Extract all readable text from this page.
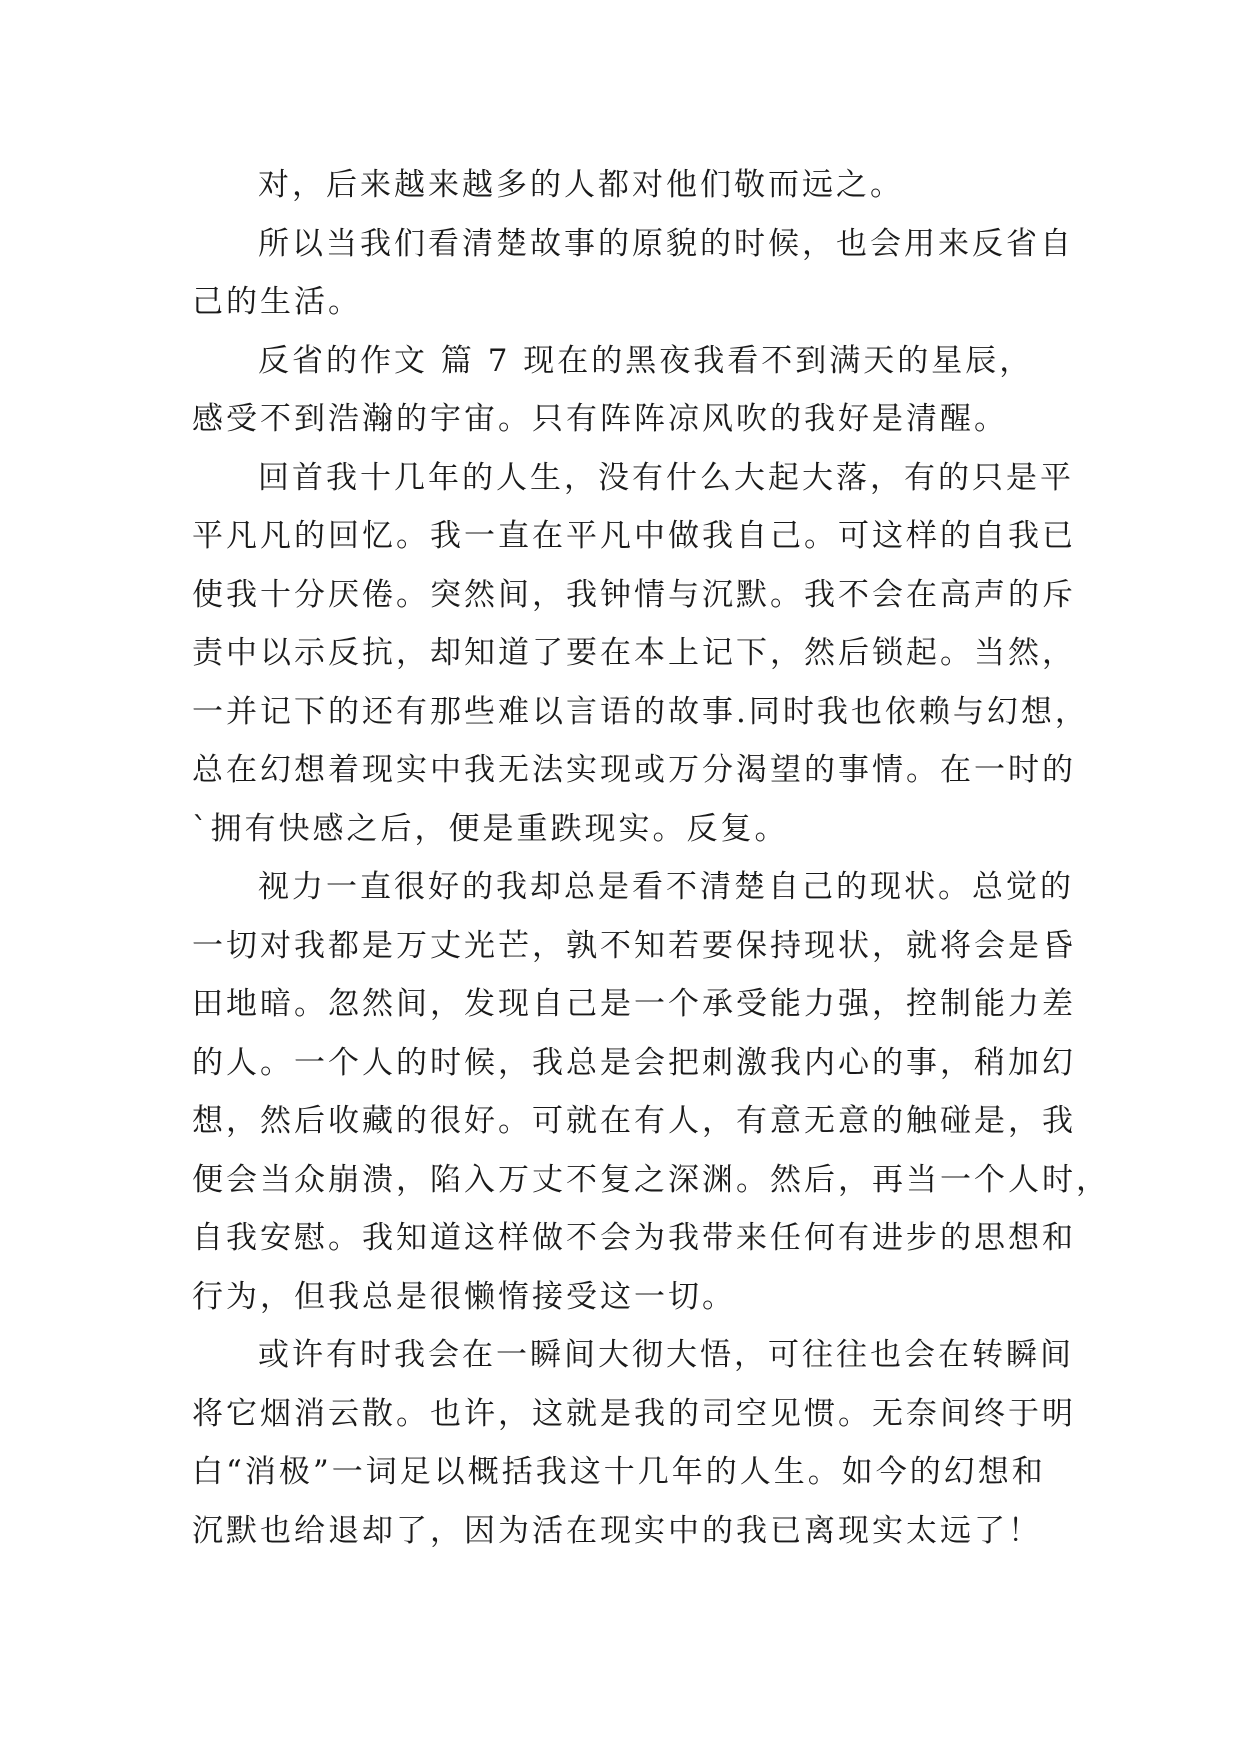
对，后来越来越多的人都对他们敬而远之。
所以当我们看清楚故事的原貌的时候，也会用来反省自
己的生活。
反省的作文 篇 7 现在的黑夜我看不到满天的星辰，
感受不到浩瀚的宇宙。只有阵阵凉风吹的我好是清醒。
回首我十几年的人生，没有什么大起大落，有的只是平
平凡凡的回忆。我一直在平凡中做我自己。可这样的自我已
使我十分厌倦。突然间，我钟情与沉默。我不会在高声的斥
责中以示反抗，却知道了要在本上记下，然后锁起。当然，
一并记下的还有那些难以言语的故事.同时我也依赖与幻想，
总在幻想着现实中我无法实现或万分渴望的事情。在一时的
`拥有快感之后，便是重跌现实。反复。
视力一直很好的我却总是看不清楚自己的现状。总觉的
一切对我都是万丈光芒，孰不知若要保持现状，就将会是昏
田地暗。忽然间，发现自己是一个承受能力强，控制能力差
的人。一个人的时候，我总是会把刺激我内心的事，稍加幻
想，然后收藏的很好。可就在有人，有意无意的触碰是，我
便会当众崩溃，陷入万丈不复之深渊。然后，再当一个人时，
自我安慰。我知道这样做不会为我带来任何有进步的思想和
行为，但我总是很懒惰接受这一切。
或许有时我会在一瞬间大彻大悟，可往往也会在转瞬间
将它烟消云散。也许，这就是我的司空见惯。无奈间终于明
白“消极”一词足以概括我这十几年的人生。如今的幻想和
沉默也给退却了，因为活在现实中的我已离现实太远了！
